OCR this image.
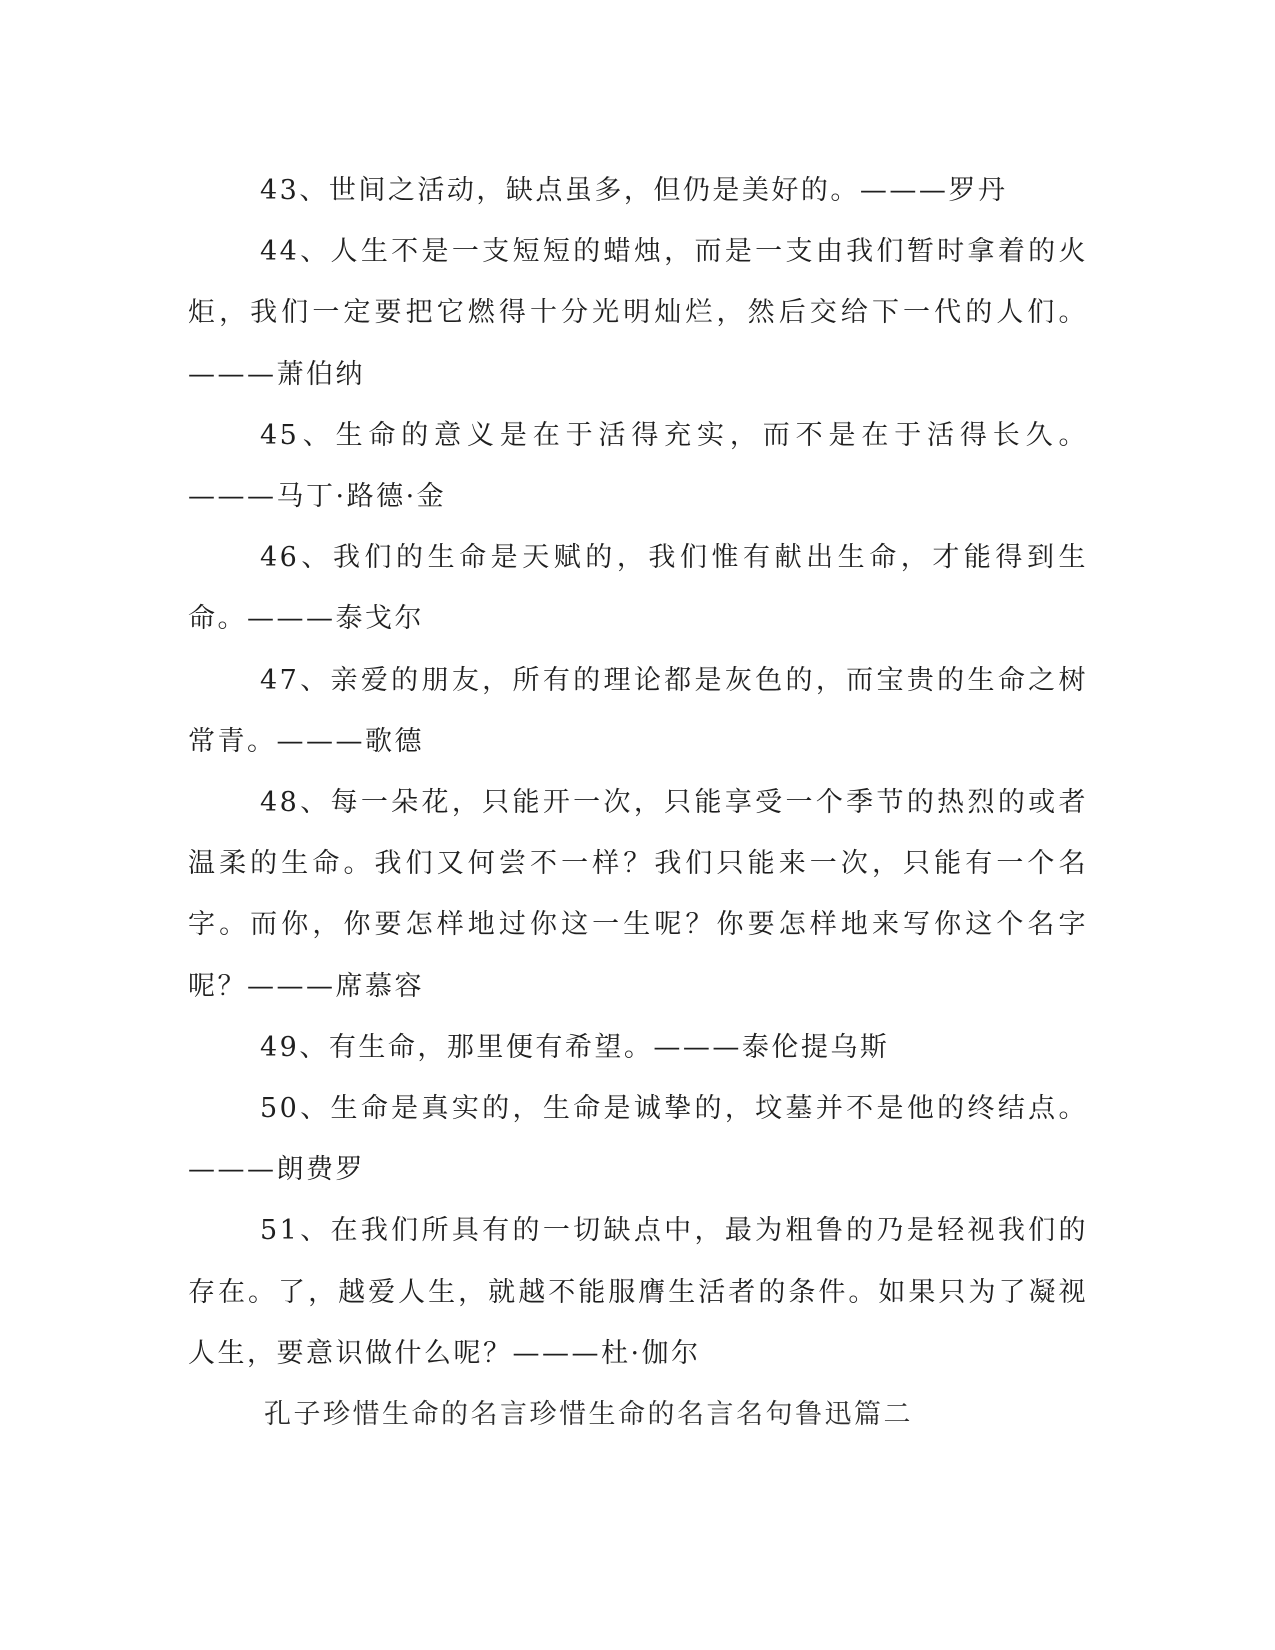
43、世间之活动，缺点虽多，但仍是美好的。———罗丹

44、人生不是一支短短的蜡烛，而是一支由我们暂时拿着的火炬，我们一定要把它燃得十分光明灿烂，然后交给下一代的人们。———萧伯纳

45、生命的意义是在于活得充实，而不是在于活得长久。———马丁·路德·金

46、我们的生命是天赋的，我们惟有献出生命，才能得到生命。———泰戈尔

47、亲爱的朋友，所有的理论都是灰色的，而宝贵的生命之树常青。———歌德

48、每一朵花，只能开一次，只能享受一个季节的热烈的或者温柔的生命。我们又何尝不一样？我们只能来一次，只能有一个名字。而你，你要怎样地过你这一生呢？你要怎样地来写你这个名字呢？———席慕容

49、有生命，那里便有希望。———泰伦提乌斯

50、生命是真实的，生命是诚挚的，坟墓并不是他的终结点。———朗费罗

51、在我们所具有的一切缺点中，最为粗鲁的乃是轻视我们的存在。了，越爱人生，就越不能服膺生活者的条件。如果只为了凝视人生，要意识做什么呢？———杜·伽尔

孔子珍惜生命的名言珍惜生命的名言名句鲁迅篇二
